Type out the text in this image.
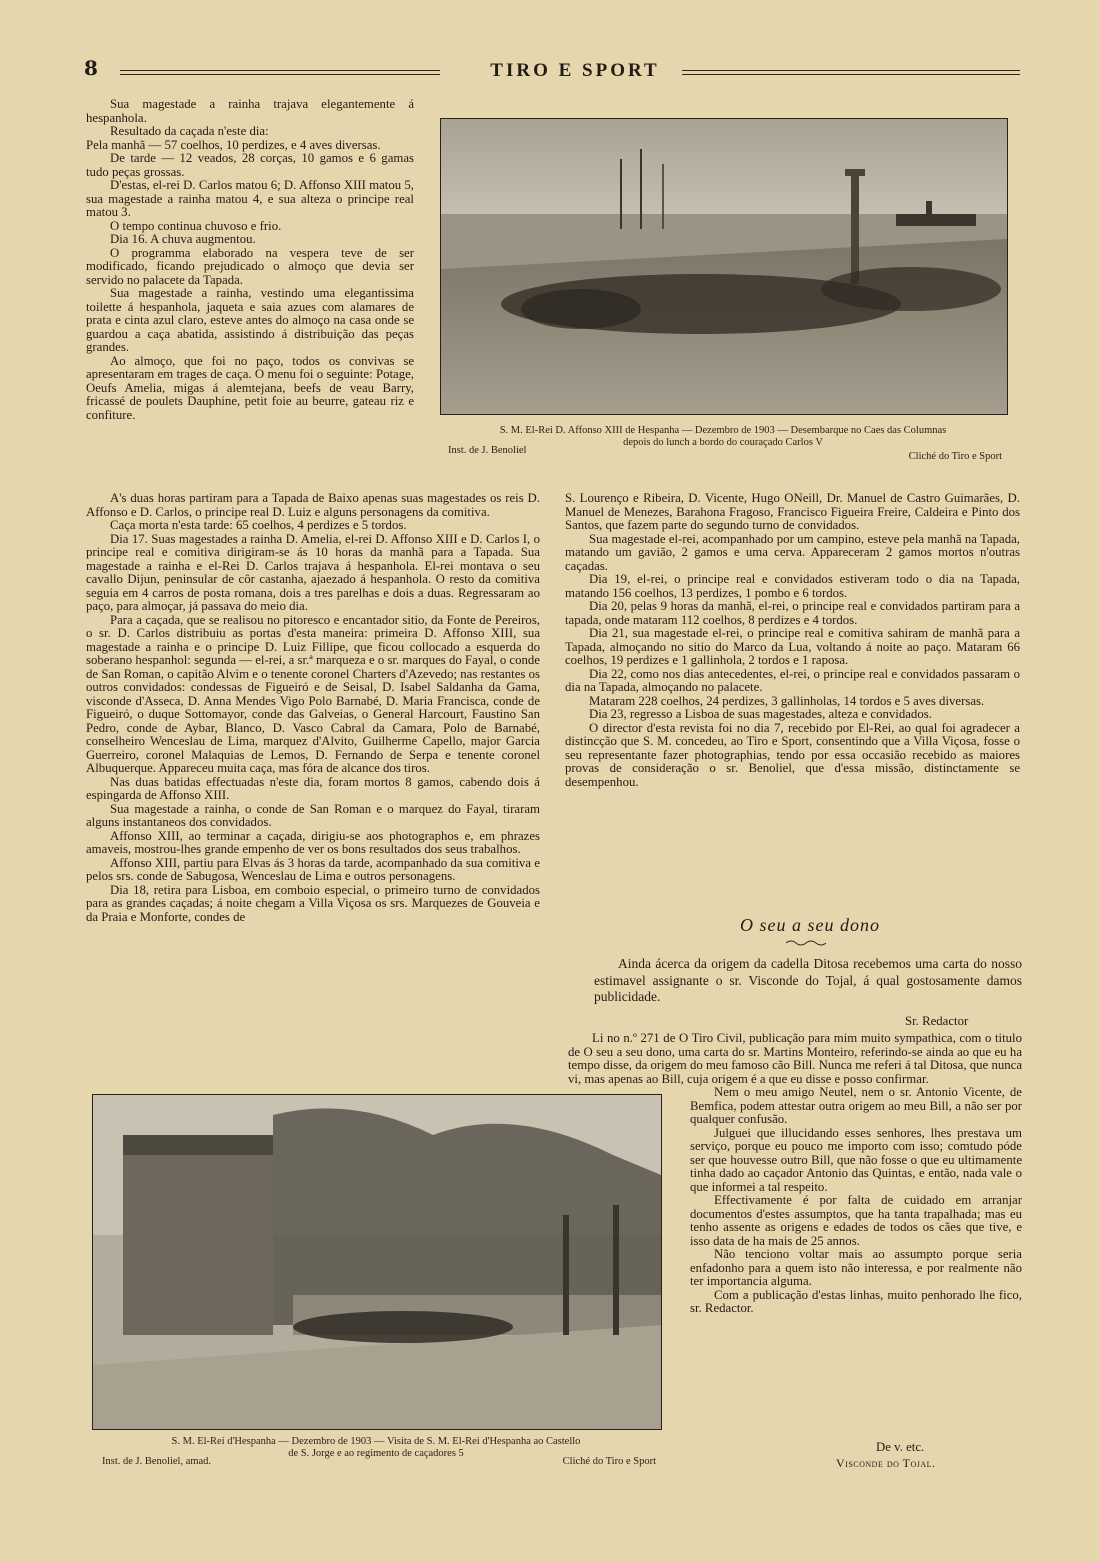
8	TIRO E SPORT

Sua magestade a rainha trajava elegantemente á hespanhola.

Resultado da caçada n'este dia:

Pela manhã — 57 coelhos, 10 perdizes, e 4 aves diversas.

De tarde — 12 veados, 28 corças, 10 gamos e 6 gamas tudo peças grossas.

D'estas, el-rei D. Carlos matou 6; D. Affonso XIII matou 5, sua magestade a rainha matou 4, e sua alteza o principe real matou 3.

O tempo continua chuvoso e frio.

Dia 16. A chuva augmentou.

O programma elaborado na vespera teve de ser modificado, ficando prejudicado o almoço que devia ser servido no palacete da Tapada.

Sua magestade a rainha, vestindo uma elegantissima toilette á hespanhola, jaqueta e saia azues com alamares de prata e cinta azul claro, esteve antes do almoço na casa onde se guardou a caça abatida, assistindo á distribuição das peças grandes.

Ao almoço, que foi no paço, todos os convivas se apresentaram em trages de caça. O menu foi o seguinte: Potage, Oeufs Amelia, migas á alemtejana, beefs de veau Barry, fricassé de poulets Dauphine, petit foie au beurre, gateau riz e confiture.

S. M. El-Rei D. Affonso XIII de Hespanha — Dezembro de 1903 — Desembarque no Caes das Columnas
depois do lunch a bordo do couraçado Carlos V
Inst. de J. Benoliel
Cliché do Tiro e Sport

A's duas horas partiram para a Tapada de Baixo apenas suas magestades os reis D. Affonso e D. Carlos, o principe real D. Luiz e alguns personagens da comitiva.

Caça morta n'esta tarde: 65 coelhos, 4 perdizes e 5 tordos.

Dia 17. Suas magestades a rainha D. Amelia, el-rei D. Affonso XIII e D. Carlos I, o principe real e comitiva dirigiram-se ás 10 horas da manhã para a Tapada. Sua magestade a rainha e el-Rei D. Carlos trajava á hespanhola. El-rei montava o seu cavallo Dijun, peninsular de côr castanha, ajaezado á hespanhola. O resto da comitiva seguia em 4 carros de posta romana, dois a tres parelhas e dois a duas. Regressaram ao paço, para almoçar, já passava do meio dia.

Para a caçada, que se realisou no pitoresco e encantador sitio, da Fonte de Pereiros, o sr. D. Carlos distribuiu as portas d'esta maneira: primeira D. Affonso XIII, sua magestade a rainha e o principe D. Luiz Fillipe, que ficou collocado a esquerda do soberano hespanhol: segunda — el-rei, a sr.ª marqueza e o sr. marques do Fayal, o conde de San Roman, o capitão Alvim e o tenente coronel Charters d'Azevedo; nas restantes os outros convidados: condessas de Figueiró e de Seisal, D. Isabel Saldanha da Gama, visconde d'Asseca, D. Anna Mendes Vigo Polo Barnabé, D. Maria Francisca, conde de Figueiró, o duque Sottomayor, conde das Galveias, o General Harcourt, Faustino San Pedro, conde de Aybar, Blanco, D. Vasco Cabral da Camara, Polo de Barnabé, conselheiro Wenceslau de Lima, marquez d'Alvito, Guilherme Capello, major Garcia Guerreiro, coronel Malaquias de Lemos, D. Fernando de Serpa e tenente coronel Albuquerque. Appareceu muita caça, mas fóra de alcance dos tiros.

Nas duas batidas effectuadas n'este dia, foram mortos 8 gamos, cabendo dois á espingarda de Affonso XIII.

Sua magestade a rainha, o conde de San Roman e o marquez do Fayal, tiraram alguns instantaneos dos convidados.

Affonso XIII, ao terminar a caçada, dirigiu-se aos photographos e, em phrazes amaveis, mostrou-lhes grande empenho de ver os bons resultados dos seus trabalhos.

Affonso XIII, partiu para Elvas ás 3 horas da tarde, acompanhado da sua comitiva e pelos srs. conde de Sabugosa, Wenceslau de Lima e outros personagens.

Dia 18, retira para Lisboa, em comboio especial, o primeiro turno de convidados para as grandes caçadas; á noite chegam a Villa Viçosa os srs. Marquezes de Gouveia e da Praia e Monforte, condes de

S. Lourenço e Ribeira, D. Vicente, Hugo ONeill, Dr. Manuel de Castro Guimarães, D. Manuel de Menezes, Barahona Fragoso, Francisco Figueira Freire, Caldeira e Pinto dos Santos, que fazem parte do segundo turno de convidados.

Sua magestade el-rei, acompanhado por um campino, esteve pela manhã na Tapada, matando um gavião, 2 gamos e uma cerva. Appareceram 2 gamos mortos n'outras caçadas.

Dia 19, el-rei, o principe real e convidados estiveram todo o dia na Tapada, matando 156 coelhos, 13 perdizes, 1 pombo e 6 tordos.

Dia 20, pelas 9 horas da manhã, el-rei, o principe real e convidados partiram para a tapada, onde mataram 112 coelhos, 8 perdizes e 4 tordos.

Dia 21, sua magestade el-rei, o principe real e comitiva sahiram de manhã para a Tapada, almoçando no sitio do Marco da Lua, voltando á noite ao paço. Mataram 66 coelhos, 19 perdizes e 1 gallinhola, 2 tordos e 1 raposa.

Dia 22, como nos dias antecedentes, el-rei, o principe real e convidados passaram o dia na Tapada, almoçando no palacete.

Mataram 228 coelhos, 24 perdizes, 3 gallinholas, 14 tordos e 5 aves diversas.

Dia 23, regresso a Lisboa de suas magestades, alteza e convidados.

O director d'esta revista foi no dia 7, recebido por El-Rei, ao qual foi agradecer a distincção que S. M. concedeu, ao Tiro e Sport, consentindo que a Villa Viçosa, fosse o seu representante fazer photographias, tendo por essa occasião recebido as maiores provas de consideração o sr. Benoliel, que d'essa missão, distinctamente se desempenhou.

O seu a seu dono

Ainda ácerca da origem da cadella Ditosa recebemos uma carta do nosso estimavel assignante o sr. Visconde do Tojal, á qual gostosamente damos publicidade.

Sr. Redactor

Li no n.º 271 de O Tiro Civil, publicação para mim muito sympathica, com o titulo de O seu a seu dono, uma carta do sr. Martins Monteiro, referindo-se ainda ao que eu ha tempo disse, da origem do meu famoso cão Bill. Nunca me referi á tal Ditosa, que nunca vi, mas apenas ao Bill, cuja origem é a que eu disse e posso confirmar.

Nem o meu amigo Neutel, nem o sr. Antonio Vicente, de Bemfica, podem attestar outra origem ao meu Bill, a não ser por qualquer confusão.

Julguei que illucidando esses senhores, lhes prestava um serviço, porque eu pouco me importo com isso; comtudo póde ser que houvesse outro Bill, que não fosse o que eu ultimamente tinha dado ao caçador Antonio das Quintas, e então, nada vale o que informei a tal respeito.

Effectivamente é por falta de cuidado em arranjar documentos d'estes assumptos, que ha tanta trapalhada; mas eu tenho assente as origens e edades de todos os cães que tive, e isso data de ha mais de 25 annos.

Não tenciono voltar mais ao assumpto porque seria enfadonho para a quem isto não interessa, e por realmente não ter importancia alguma.

Com a publicação d'estas linhas, muito penhorado lhe fico, sr. Redactor.

De v. etc.
Visconde do Tojal.
S. M. El-Rei d'Hespanha — Dezembro de 1903 — Visita de S. M. El-Rei d'Hespanha ao Castello
de S. Jorge e ao regimento de caçadores 5
Inst. de J. Benoliel, amad.	Cliché do Tiro e Sport
